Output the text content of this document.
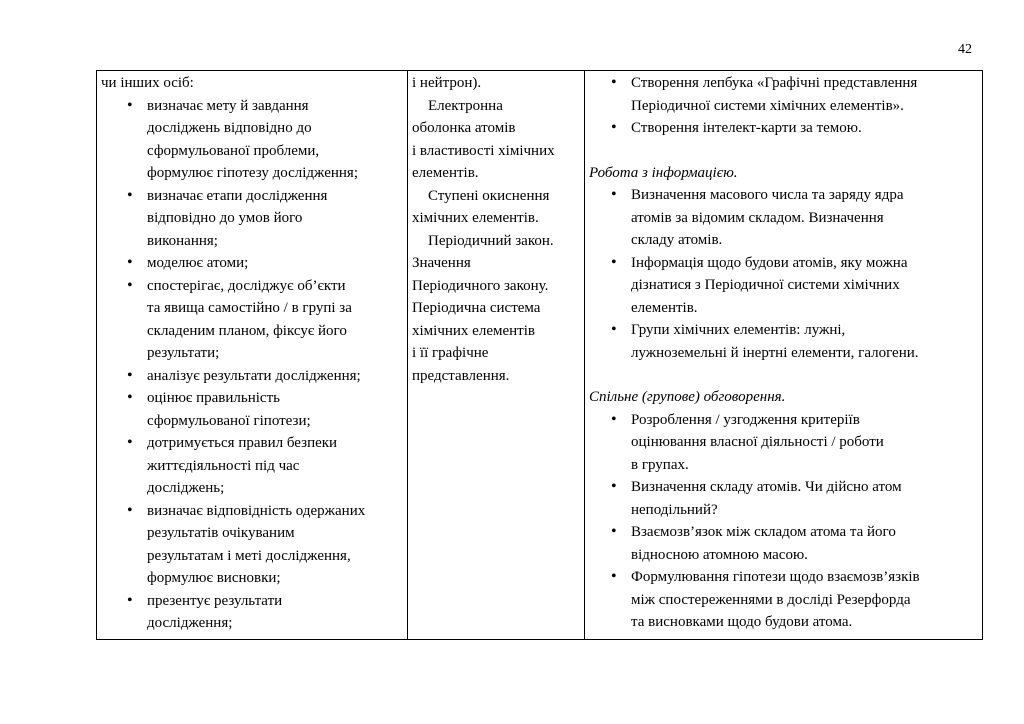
42
чи інших осіб:
• визначає мету й завдання
досліджень відповідно до
сформульованої проблеми,
формулює гіпотезу дослідження;
• визначає етапи дослідження
відповідно до умов його
виконання;
• моделює атоми;
• спостерігає, досліджує об’єкти
та явища самостійно / в групі за
складеним планом, фіксує його
результати;
• аналізує результати дослідження;
• оцінює правильність
сформульованої гіпотези;
• дотримується правил безпеки
життєдіяльності під час
досліджень;
• визначає відповідність одержаних
результатів очікуваним
результатам і меті дослідження,
формулює висновки;
• презентує результати
дослідження;

і нейтрон).
Електронна
оболонка атомів
і властивості хімічних
елементів.
Ступені окиснення
хімічних елементів.
Періодичний закон.
Значення
Періодичного закону.
Періодична система
хімічних елементів
і її графічне
представлення.

• Створення лепбука «Графічні представлення
Періодичної системи хімічних елементів».
• Створення інтелект-карти за темою.
Робота з інформацією.
• Визначення масового числа та заряду ядра
атомів за відомим складом. Визначення
складу атомів.
• Інформація щодо будови атомів, яку можна
дізнатися з Періодичної системи хімічних
елементів.
• Групи хімічних елементів: лужні,
лужноземельні й інертні елементи, галогени.
Спільне (групове) обговорення.
• Розроблення / узгодження критеріїв
оцінювання власної діяльності / роботи
в групах.
• Визначення складу атомів. Чи дійсно атом
неподільний?
• Взаємозв’язок між складом атома та його
відносною атомною масою.
• Формулювання гіпотези щодо взаємозв’язків
між спостереженнями в досліді Резерфорда
та висновками щодо будови атома.
